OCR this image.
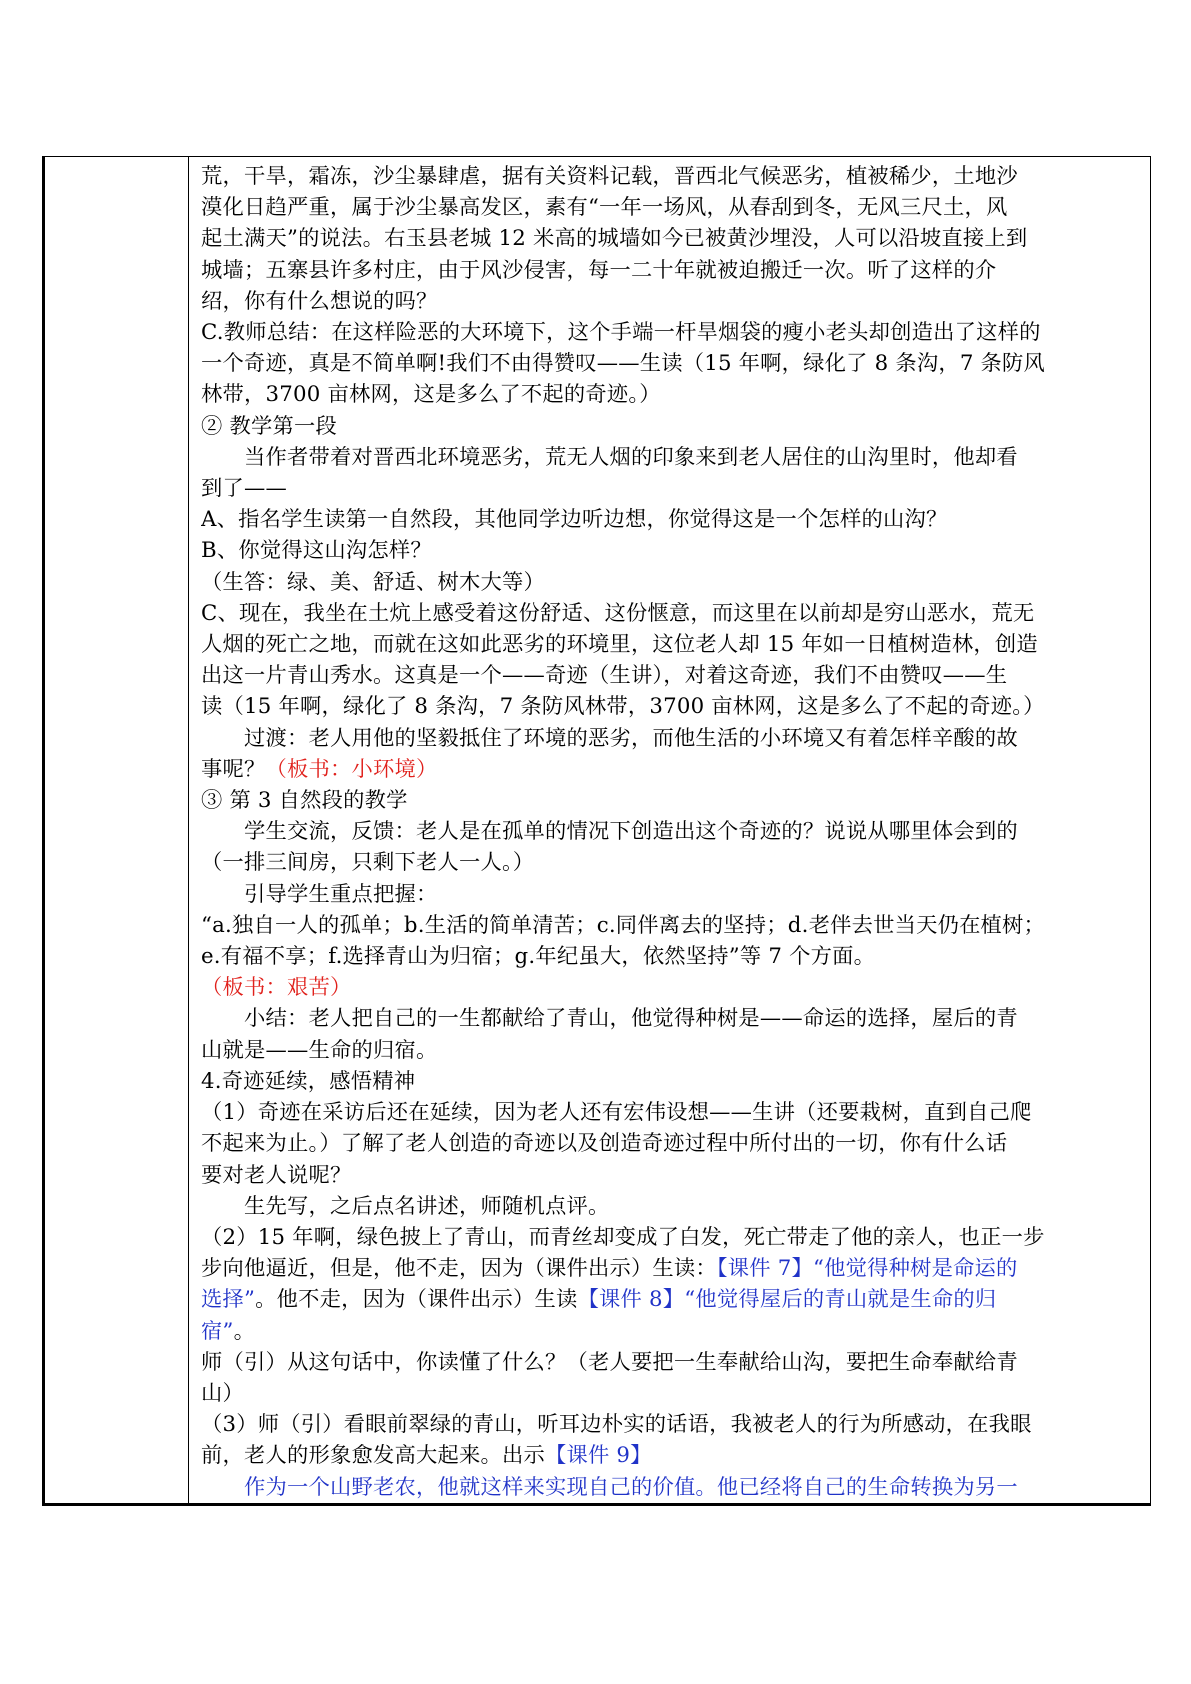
荒，干旱，霜冻，沙尘暴肆虐，据有关资料记载，晋西北气候恶劣，植被稀少，土地沙
漠化日趋严重，属于沙尘暴高发区，素有“一年一场风，从春刮到冬，无风三尺土，风
起土满天”的说法。右玉县老城 12 米高的城墙如今已被黄沙埋没，人可以沿坡直接上到
城墙；五寨县许多村庄，由于风沙侵害，每一二十年就被迫搬迁一次。听了这样的介
绍，你有什么想说的吗？
C.教师总结：在这样险恶的大环境下，这个手端一杆旱烟袋的瘦小老头却创造出了这样的
一个奇迹，真是不简单啊!我们不由得赞叹——生读（15 年啊，绿化了 8 条沟，7 条防风
林带，3700 亩林网，这是多么了不起的奇迹。）
② 教学第一段
当作者带着对晋西北环境恶劣，荒无人烟的印象来到老人居住的山沟里时，他却看
到了——
A、指名学生读第一自然段，其他同学边听边想，你觉得这是一个怎样的山沟？
B、你觉得这山沟怎样？
（生答：绿、美、舒适、树木大等）
C、现在，我坐在土炕上感受着这份舒适、这份惬意，而这里在以前却是穷山恶水，荒无
人烟的死亡之地，而就在这如此恶劣的环境里，这位老人却 15 年如一日植树造林，创造
出这一片青山秀水。这真是一个——奇迹（生讲），对着这奇迹，我们不由赞叹——生
读（15 年啊，绿化了 8 条沟，7 条防风林带，3700 亩林网，这是多么了不起的奇迹。）
过渡：老人用他的坚毅抵住了环境的恶劣，而他生活的小环境又有着怎样辛酸的故
事呢？（板书：小环境）
③ 第 3 自然段的教学
学生交流，反馈：老人是在孤单的情况下创造出这个奇迹的？说说从哪里体会到的
（一排三间房，只剩下老人一人。）
引导学生重点把握：
“a.独自一人的孤单；b.生活的简单清苦；c.同伴离去的坚持；d.老伴去世当天仍在植树；
e.有福不享；f.选择青山为归宿；g.年纪虽大，依然坚持”等 7 个方面。
（板书：艰苦）
小结：老人把自己的一生都献给了青山，他觉得种树是——命运的选择，屋后的青
山就是——生命的归宿。
4.奇迹延续，感悟精神
（1）奇迹在采访后还在延续，因为老人还有宏伟设想——生讲（还要栽树，直到自己爬
不起来为止。）了解了老人创造的奇迹以及创造奇迹过程中所付出的一切，你有什么话
要对老人说呢？
生先写，之后点名讲述，师随机点评。
（2）15 年啊，绿色披上了青山，而青丝却变成了白发，死亡带走了他的亲人，也正一步
步向他逼近，但是，他不走，因为（课件出示）生读：【课件 7】“他觉得种树是命运的
选择”。他不走，因为（课件出示）生读【课件 8】“他觉得屋后的青山就是生命的归
宿”。
师（引）从这句话中，你读懂了什么？（老人要把一生奉献给山沟，要把生命奉献给青
山）
（3）师（引）看眼前翠绿的青山，听耳边朴实的话语，我被老人的行为所感动，在我眼
前，老人的形象愈发高大起来。出示【课件 9】
作为一个山野老农，他就这样来实现自己的价值。他已经将自己的生命转换为另一
